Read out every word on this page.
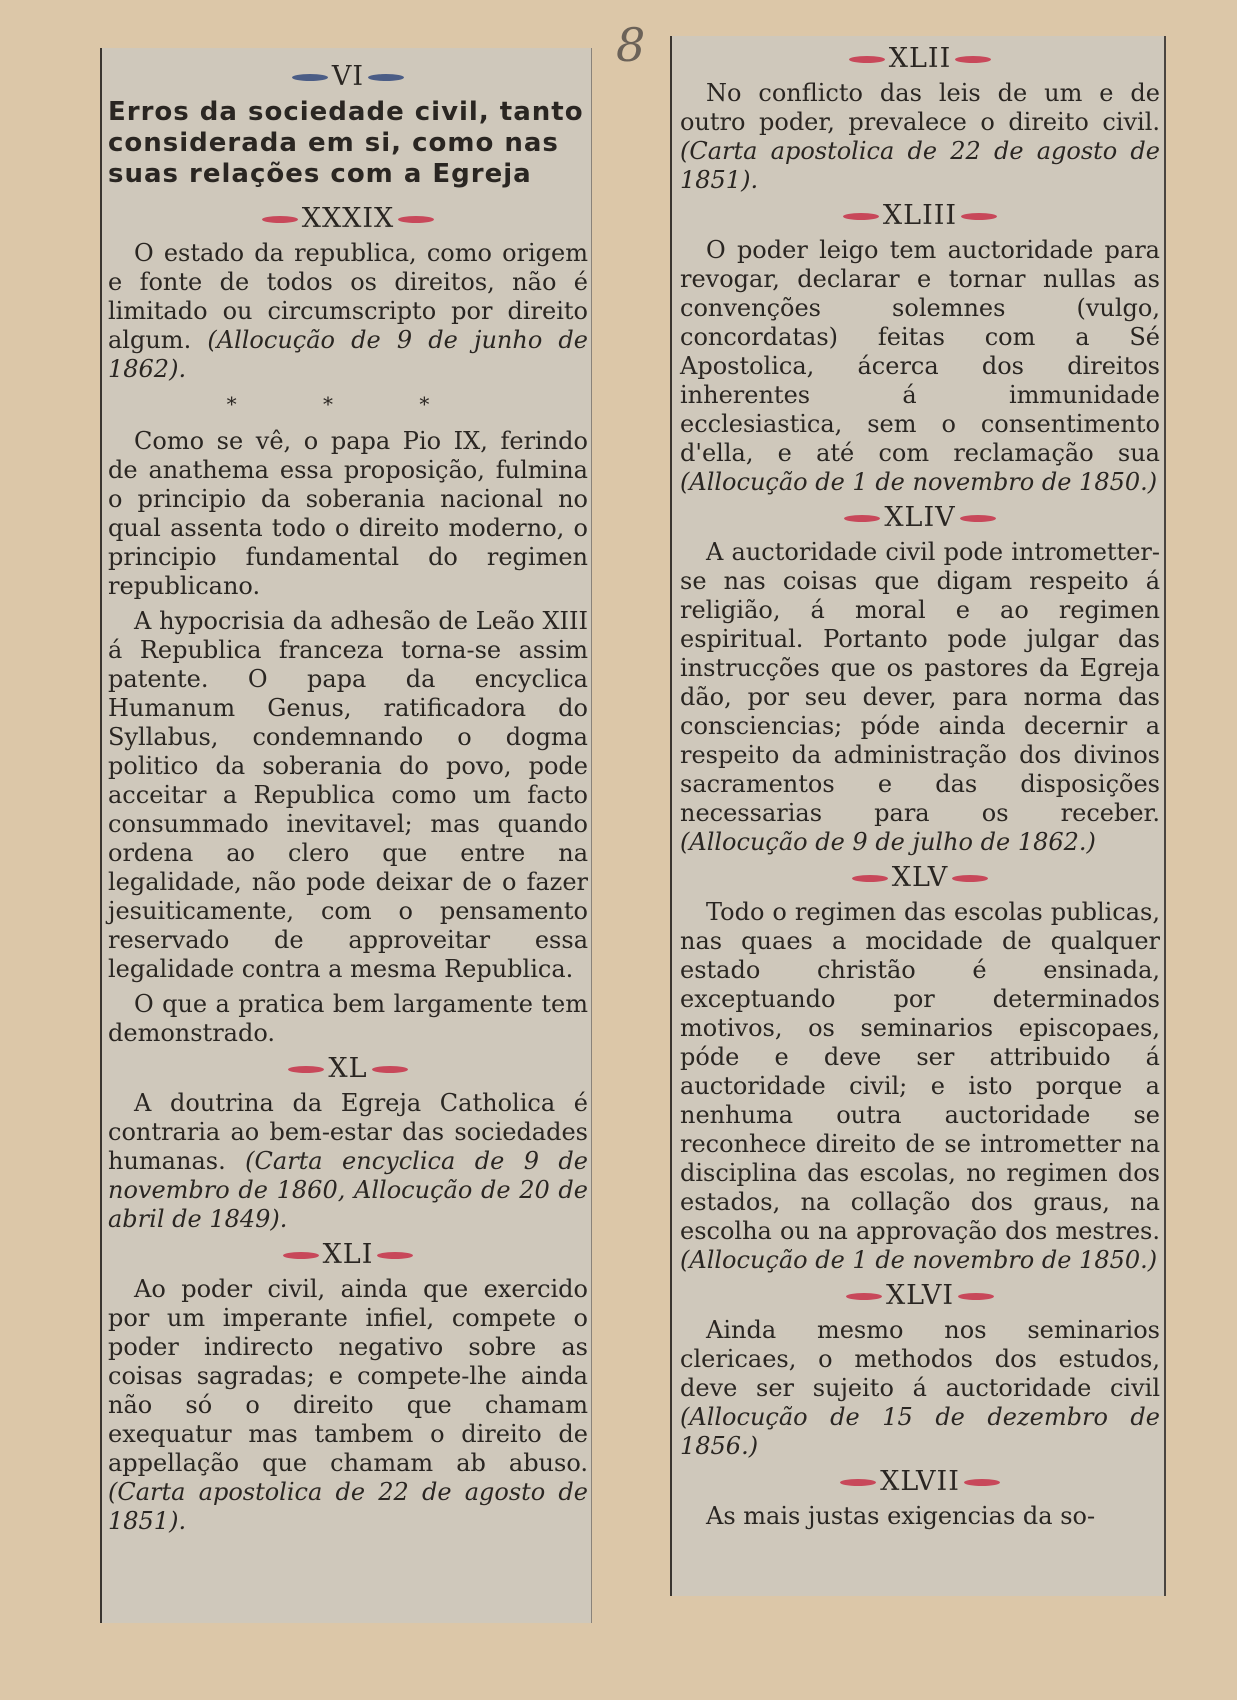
8
VI
Erros da sociedade civil, tanto considerada em si, como nas suas relações com a Egreja
XXXIX

O estado da republica, como origem e fonte de todos os direitos, não é limitado ou circumscripto por direito algum. (Allocução de 9 de junho de 1862).

* * *

Como se vê, o papa Pio IX, ferindo de anathema essa proposição, fulmina o principio da soberania nacional no qual assenta todo o direito moderno, o principio fundamental do regimen republicano.

A hypocrisia da adhesão de Leão XIII á Republica franceza torna-se assim patente. O papa da encyclica Humanum Genus, ratificadora do Syllabus, condemnando o dogma politico da soberania do povo, pode acceitar a Republica como um facto consummado inevitavel; mas quando ordena ao clero que entre na legalidade, não pode deixar de o fazer jesuiticamente, com o pensamento reservado de approveitar essa legalidade contra a mesma Republica.

O que a pratica bem largamente tem demonstrado.

XL

A doutrina da Egreja Catholica é contraria ao bem-estar das sociedades humanas. (Carta encyclica de 9 de novembro de 1860, Allocução de 20 de abril de 1849).

XLI

Ao poder civil, ainda que exercido por um imperante infiel, compete o poder indirecto negativo sobre as coisas sagradas; e compete-lhe ainda não só o direito que chamam exequatur mas tambem o direito de appellação que chamam ab abuso. (Carta apostolica de 22 de agosto de 1851).

XLII

No conflicto das leis de um e de outro poder, prevalece o direito civil. (Carta apostolica de 22 de agosto de 1851).

XLIII

O poder leigo tem auctoridade para revogar, declarar e tornar nullas as convenções solemnes (vulgo, concordatas) feitas com a Sé Apostolica, ácerca dos direitos inherentes á immunidade ecclesiastica, sem o consentimento d'ella, e até com reclamação sua (Allocução de 1 de novembro de 1850.)

XLIV

A auctoridade civil pode intrometter-se nas coisas que digam respeito á religião, á moral e ao regimen espiritual. Portanto pode julgar das instrucções que os pastores da Egreja dão, por seu dever, para norma das consciencias; póde ainda decernir a respeito da administração dos divinos sacramentos e das disposições necessarias para os receber. (Allocução de 9 de julho de 1862.)

XLV

Todo o regimen das escolas publicas, nas quaes a mocidade de qualquer estado christão é ensinada, exceptuando por determinados motivos, os seminarios episcopaes, póde e deve ser attribuido á auctoridade civil; e isto porque a nenhuma outra auctoridade se reconhece direito de se intrometter na disciplina das escolas, no regimen dos estados, na collação dos graus, na escolha ou na approvação dos mestres. (Allocução de 1 de novembro de 1850.)

XLVI

Ainda mesmo nos seminarios clericaes, o methodos dos estudos, deve ser sujeito á auctoridade civil (Allocução de 15 de dezembro de 1856.)

XLVII

As mais justas exigencias da so-
